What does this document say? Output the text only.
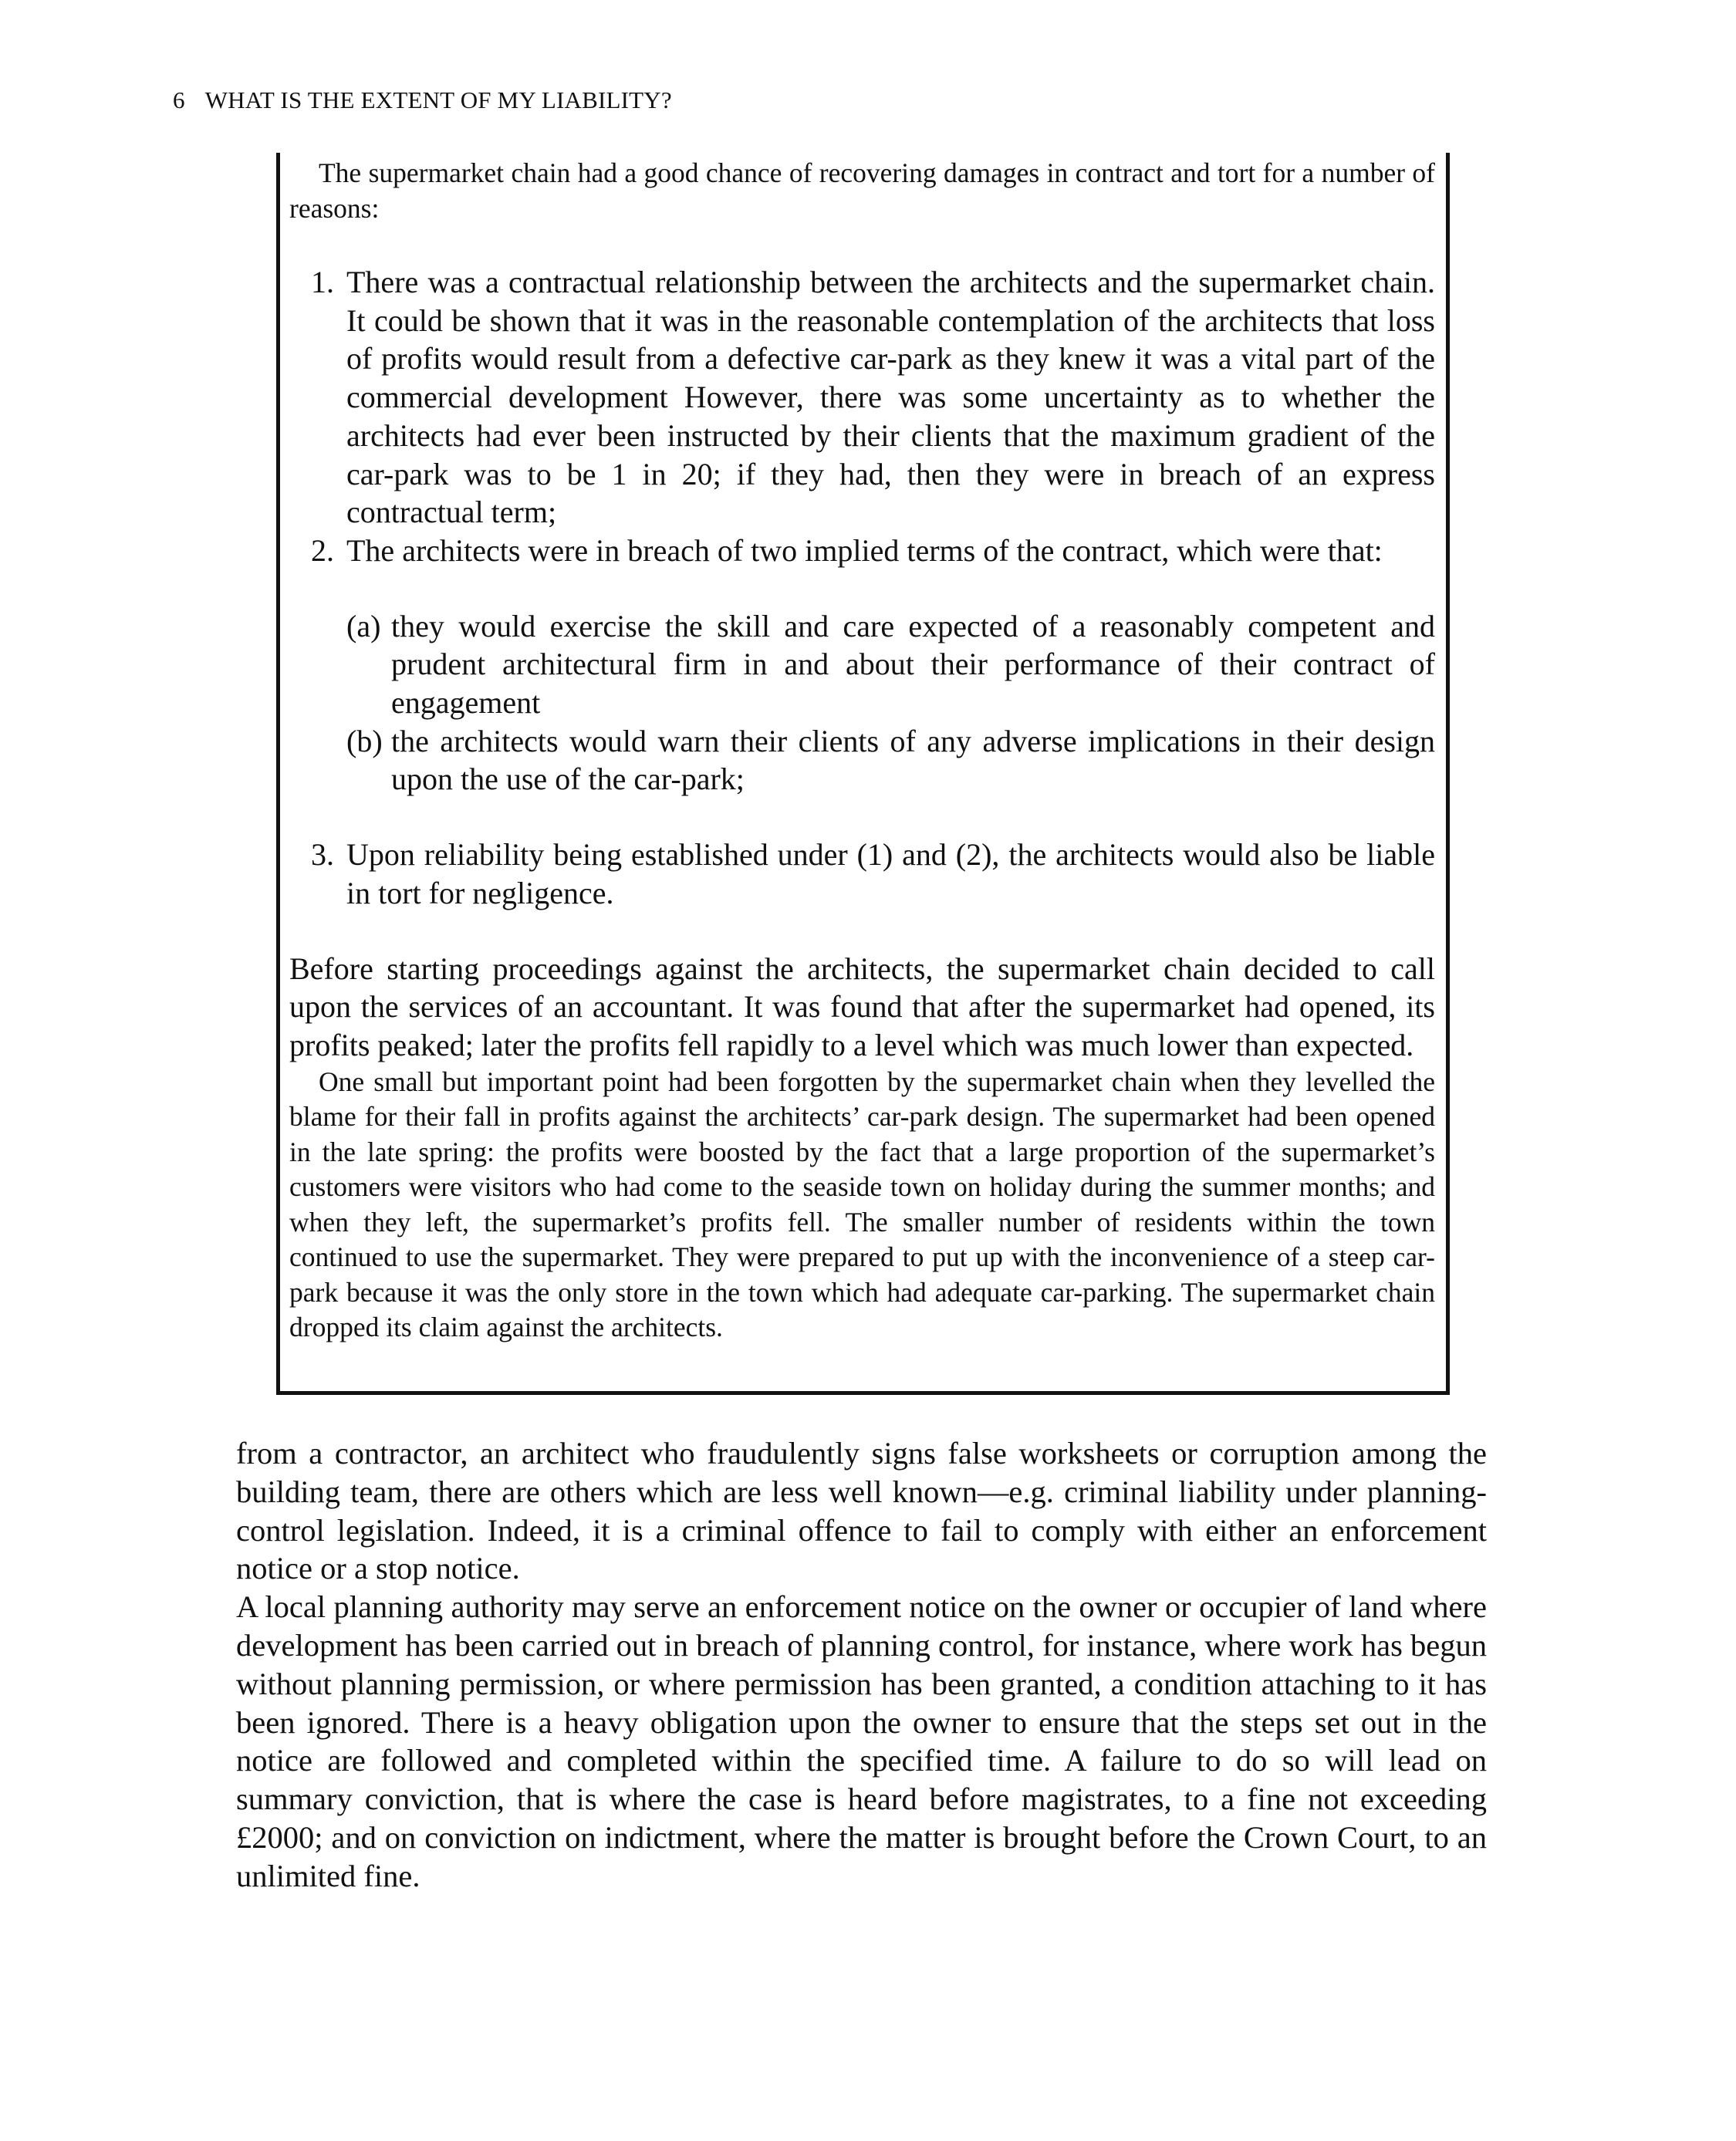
6 WHAT IS THE EXTENT OF MY LIABILITY?

The supermarket chain had a good chance of recovering damages in contract and tort for a number of reasons:

1. There was a contractual relationship between the architects and the supermarket chain. It could be shown that it was in the reasonable contemplation of the architects that loss of profits would result from a defective car-park as they knew it was a vital part of the commercial development However, there was some uncertainty as to whether the architects had ever been instructed by their clients that the maximum gradient of the car-park was to be 1 in 20; if they had, then they were in breach of an express contractual term;
2. The architects were in breach of two implied terms of the contract, which were that:
(a) they would exercise the skill and care expected of a reasonably competent and prudent architectural firm in and about their performance of their contract of engagement
(b) the architects would warn their clients of any adverse implications in their design upon the use of the car-park;
3. Upon reliability being established under (1) and (2), the architects would also be liable in tort for negligence.

Before starting proceedings against the architects, the supermarket chain decided to call upon the services of an accountant. It was found that after the supermarket had opened, its profits peaked; later the profits fell rapidly to a level which was much lower than expected.

One small but important point had been forgotten by the supermarket chain when they levelled the blame for their fall in profits against the architects’ car-park design. The supermarket had been opened in the late spring: the profits were boosted by the fact that a large proportion of the supermarket’s customers were visitors who had come to the seaside town on holiday during the summer months; and when they left, the supermarket’s profits fell. The smaller number of residents within the town continued to use the supermarket. They were prepared to put up with the inconvenience of a steep car-park because it was the only store in the town which had adequate car-parking. The supermarket chain dropped its claim against the architects.

from a contractor, an architect who fraudulently signs false worksheets or corruption among the building team, there are others which are less well known—e.g. criminal liability under planning-control legislation. Indeed, it is a criminal offence to fail to comply with either an enforcement notice or a stop notice.

A local planning authority may serve an enforcement notice on the owner or occupier of land where development has been carried out in breach of planning control, for instance, where work has begun without planning permission, or where permission has been granted, a condition attaching to it has been ignored. There is a heavy obligation upon the owner to ensure that the steps set out in the notice are followed and completed within the specified time. A failure to do so will lead on summary conviction, that is where the case is heard before magistrates, to a fine not exceeding £2000; and on conviction on indictment, where the matter is brought before the Crown Court, to an unlimited fine.
